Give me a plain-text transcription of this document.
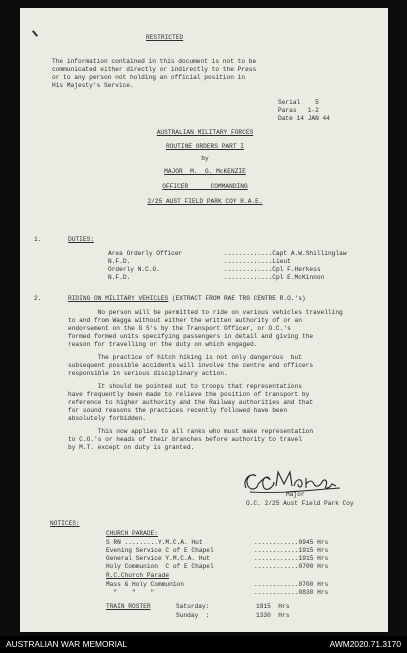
RESTRICTED

The information contained in this document is not to be

communicated either directly or indirectly to the Press

or to any person not holding an official position in

His Majesty's Service.

Serial    5

Paras   1-2

Date 14 JAN 44

AUSTRALIAN MILITARY FORCES

ROUTINE ORDERS PART I

by

MAJOR  M.  G. McKENZIE

OFFICER      COMMANDING

2/25 AUST FIELD PARK COY R.A.E.

1.	DUTIES:

Area Orderly Officer	.............Capt A.W.Shillinglaw

N.F.D.	.............Lieut

Orderly N.C.O.	.............Cpl F.Herkess

N.F.D.	.............Cpl E.McKinnon

2.	RIDING ON MILITARY VEHICLES (EXTRACT FROM RAE TRG CENTRE R.O.'s)

No person will be permitted to ride on various vehicles travelling

to and from Wagga without either the written authority of or an

endorsement on the G S's by the Transport Officer, or O.C.'s

formed formed units specifying passengers in detail and giving the

reason for travelling or the duty on which engaged.

The practice of hitch hiking is not only dangerous  but

subsequent possible accidents will involve the centre and officers

responsible in serious disciplinary action.

It should be pointed out to troops that representations

have frequently been made to relieve the position of transport by

reference to higher authority and the Railway authorities and that

for sound reasons the practices recently followed have been

absolutely forbidden.

This now applies to all ranks who must make representation

to C.O.'s or heads of their branches before authority to travel

by M.T. except on duty is granted.

Major

O.C. 2/25 Aust Field Park Coy

NOTICES:

CHURCH PARADE:

S RN .........Y.M.C.A. Hut	............0945 Hrs

Evening Service C of E Chapel	............1915 Hrs

General Service Y.M.C.A. Hut	............1915 Hrs

Holy Communion  C of E Chapel	............0700 Hrs

R.C.Church Parade

Mass & Holy Communion	............0700 Hrs

"    "    "	............0830 Hrs

TRAIN ROSTER	Saturday:	1815  Hrs

Sunday  :	1330  Hrs

AUSTRALIAN WAR MEMORIAL	AWM2020.71.3170
